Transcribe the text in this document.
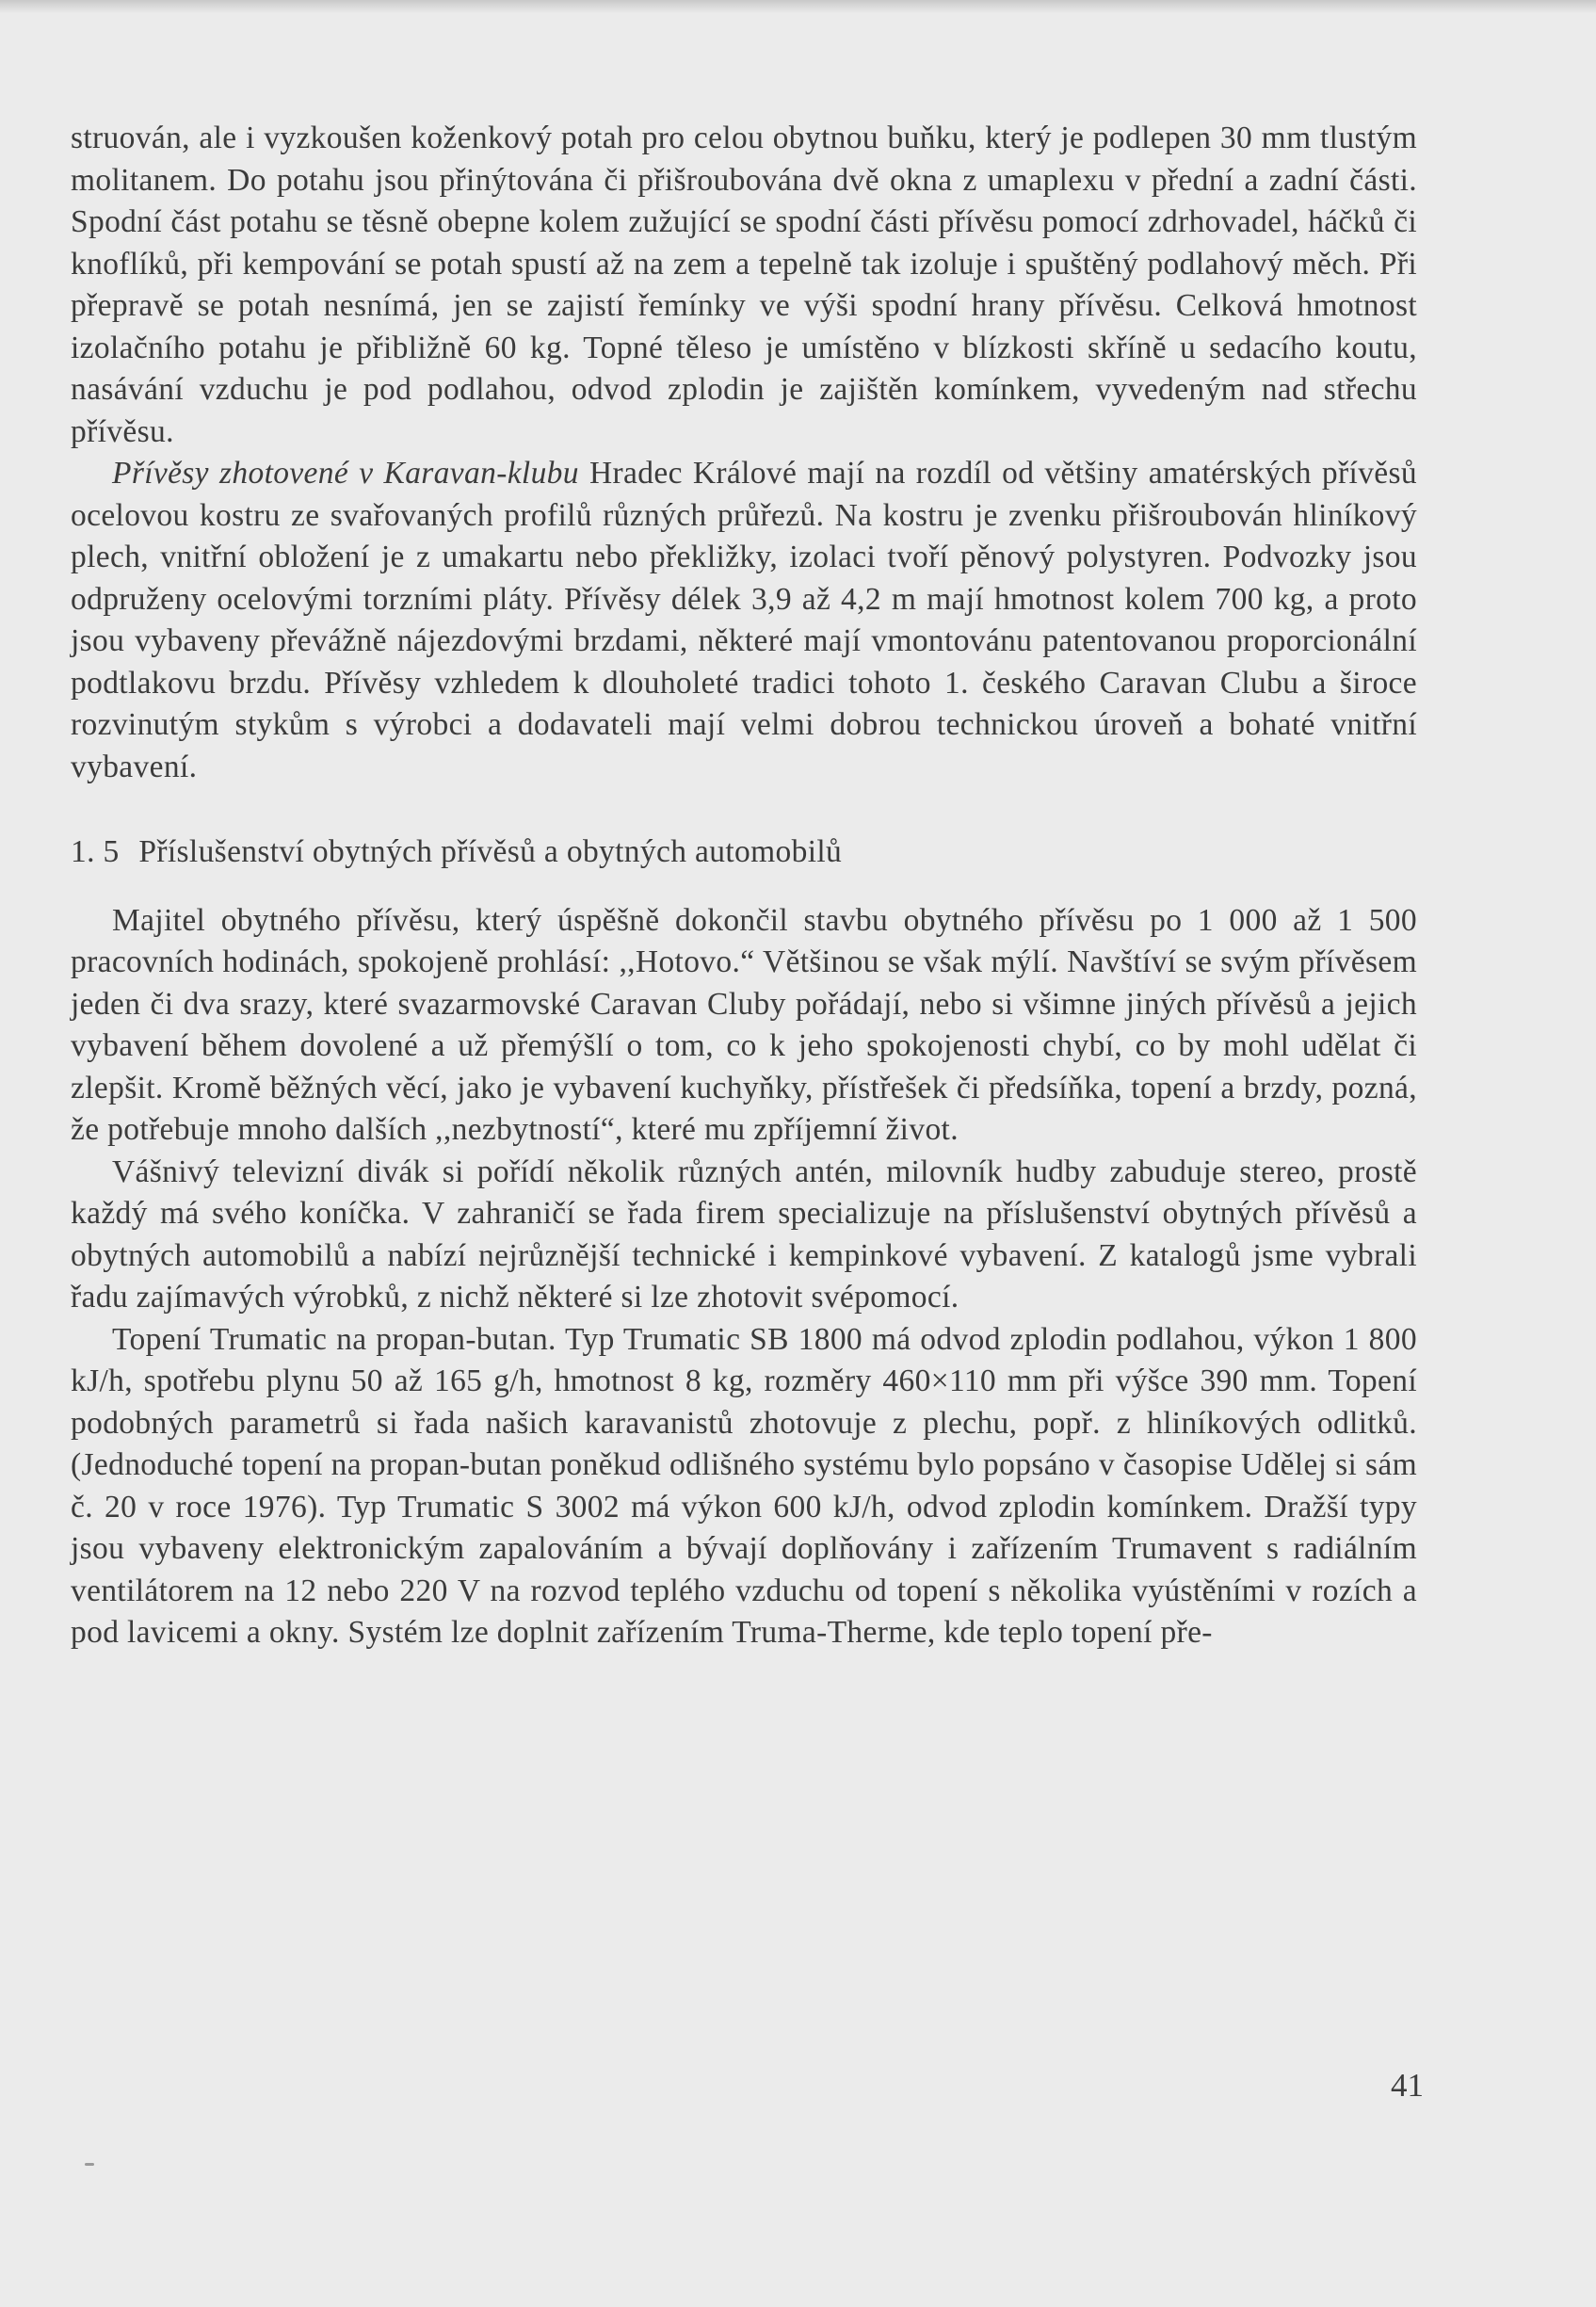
struován, ale i vyzkoušen koženkový potah pro celou obytnou buňku, který je podlepen 30 mm tlustým molitanem. Do potahu jsou přinýtována či přišroubována dvě okna z umaplexu v přední a zadní části. Spodní část potahu se těsně obepne kolem zužující se spodní části přívěsu pomocí zdrhovadel, háčků či knoflíků, při kempování se potah spustí až na zem a tepelně tak izoluje i spuštěný podlahový měch. Při přepravě se potah nesnímá, jen se zajistí řemínky ve výši spodní hrany přívěsu. Celková hmotnost izolačního potahu je přibližně 60 kg. Topné těleso je umístěno v blízkosti skříně u sedacího koutu, nasávání vzduchu je pod podlahou, odvod zplodin je zajištěn komínkem, vyvedeným nad střechu přívěsu.

Přívěsy zhotovené v Karavan-klubu Hradec Králové mají na rozdíl od většiny amatérských přívěsů ocelovou kostru ze svařovaných profilů různých průřezů. Na kostru je zvenku přišroubován hliníkový plech, vnitřní obložení je z umakartu nebo překližky, izolaci tvoří pěnový polystyren. Podvozky jsou odpruženy ocelovými torzními pláty. Přívěsy délek 3,9 až 4,2 m mají hmotnost kolem 700 kg, a proto jsou vybaveny převážně nájezdovými brzdami, některé mají vmontovánu patentovanou proporcionální podtlakovu brzdu. Přívěsy vzhledem k dlouholeté tradici tohoto 1. českého Caravan Clubu a široce rozvinutým stykům s výrobci a dodavateli mají velmi dobrou technickou úroveň a bohaté vnitřní vybavení.

1. 5 Příslušenství obytných přívěsů a obytných automobilů

Majitel obytného přívěsu, který úspěšně dokončil stavbu obytného přívěsu po 1 000 až 1 500 pracovních hodinách, spokojeně prohlásí: ,,Hotovo.“ Většinou se však mýlí. Navštíví se svým přívěsem jeden či dva srazy, které svazarmovské Caravan Cluby pořádají, nebo si všimne jiných přívěsů a jejich vybavení během dovolené a už přemýšlí o tom, co k jeho spokojenosti chybí, co by mohl udělat či zlepšit. Kromě běžných věcí, jako je vybavení kuchyňky, přístřešek či předsíňka, topení a brzdy, pozná, že potřebuje mnoho dalších ,,nezbytností“, které mu zpříjemní život.

Vášnivý televizní divák si pořídí několik různých antén, milovník hudby zabuduje stereo, prostě každý má svého koníčka. V zahraničí se řada firem specializuje na příslušenství obytných přívěsů a obytných automobilů a nabízí nejrůznější technické i kempinkové vybavení. Z katalogů jsme vybrali řadu zajímavých výrobků, z nichž některé si lze zhotovit svépomocí.

Topení Trumatic na propan-butan. Typ Trumatic SB 1800 má odvod zplodin podlahou, výkon 1 800 kJ/h, spotřebu plynu 50 až 165 g/h, hmotnost 8 kg, rozměry 460×110 mm při výšce 390 mm. Topení podobných parametrů si řada našich karavanistů zhotovuje z plechu, popř. z hliníkových odlitků. (Jednoduché topení na propan-butan poněkud odlišného systému bylo popsáno v časopise Udělej si sám č. 20 v roce 1976). Typ Trumatic S 3002 má výkon 600 kJ/h, odvod zplodin komínkem. Dražší typy jsou vybaveny elektronickým zapalováním a bývají doplňovány i zařízením Trumavent s radiálním ventilátorem na 12 nebo 220 V na rozvod teplého vzduchu od topení s několika vyústěními v rozích a pod lavicemi a okny. Systém lze doplnit zařízením Truma-Therme, kde teplo topení pře-

41
